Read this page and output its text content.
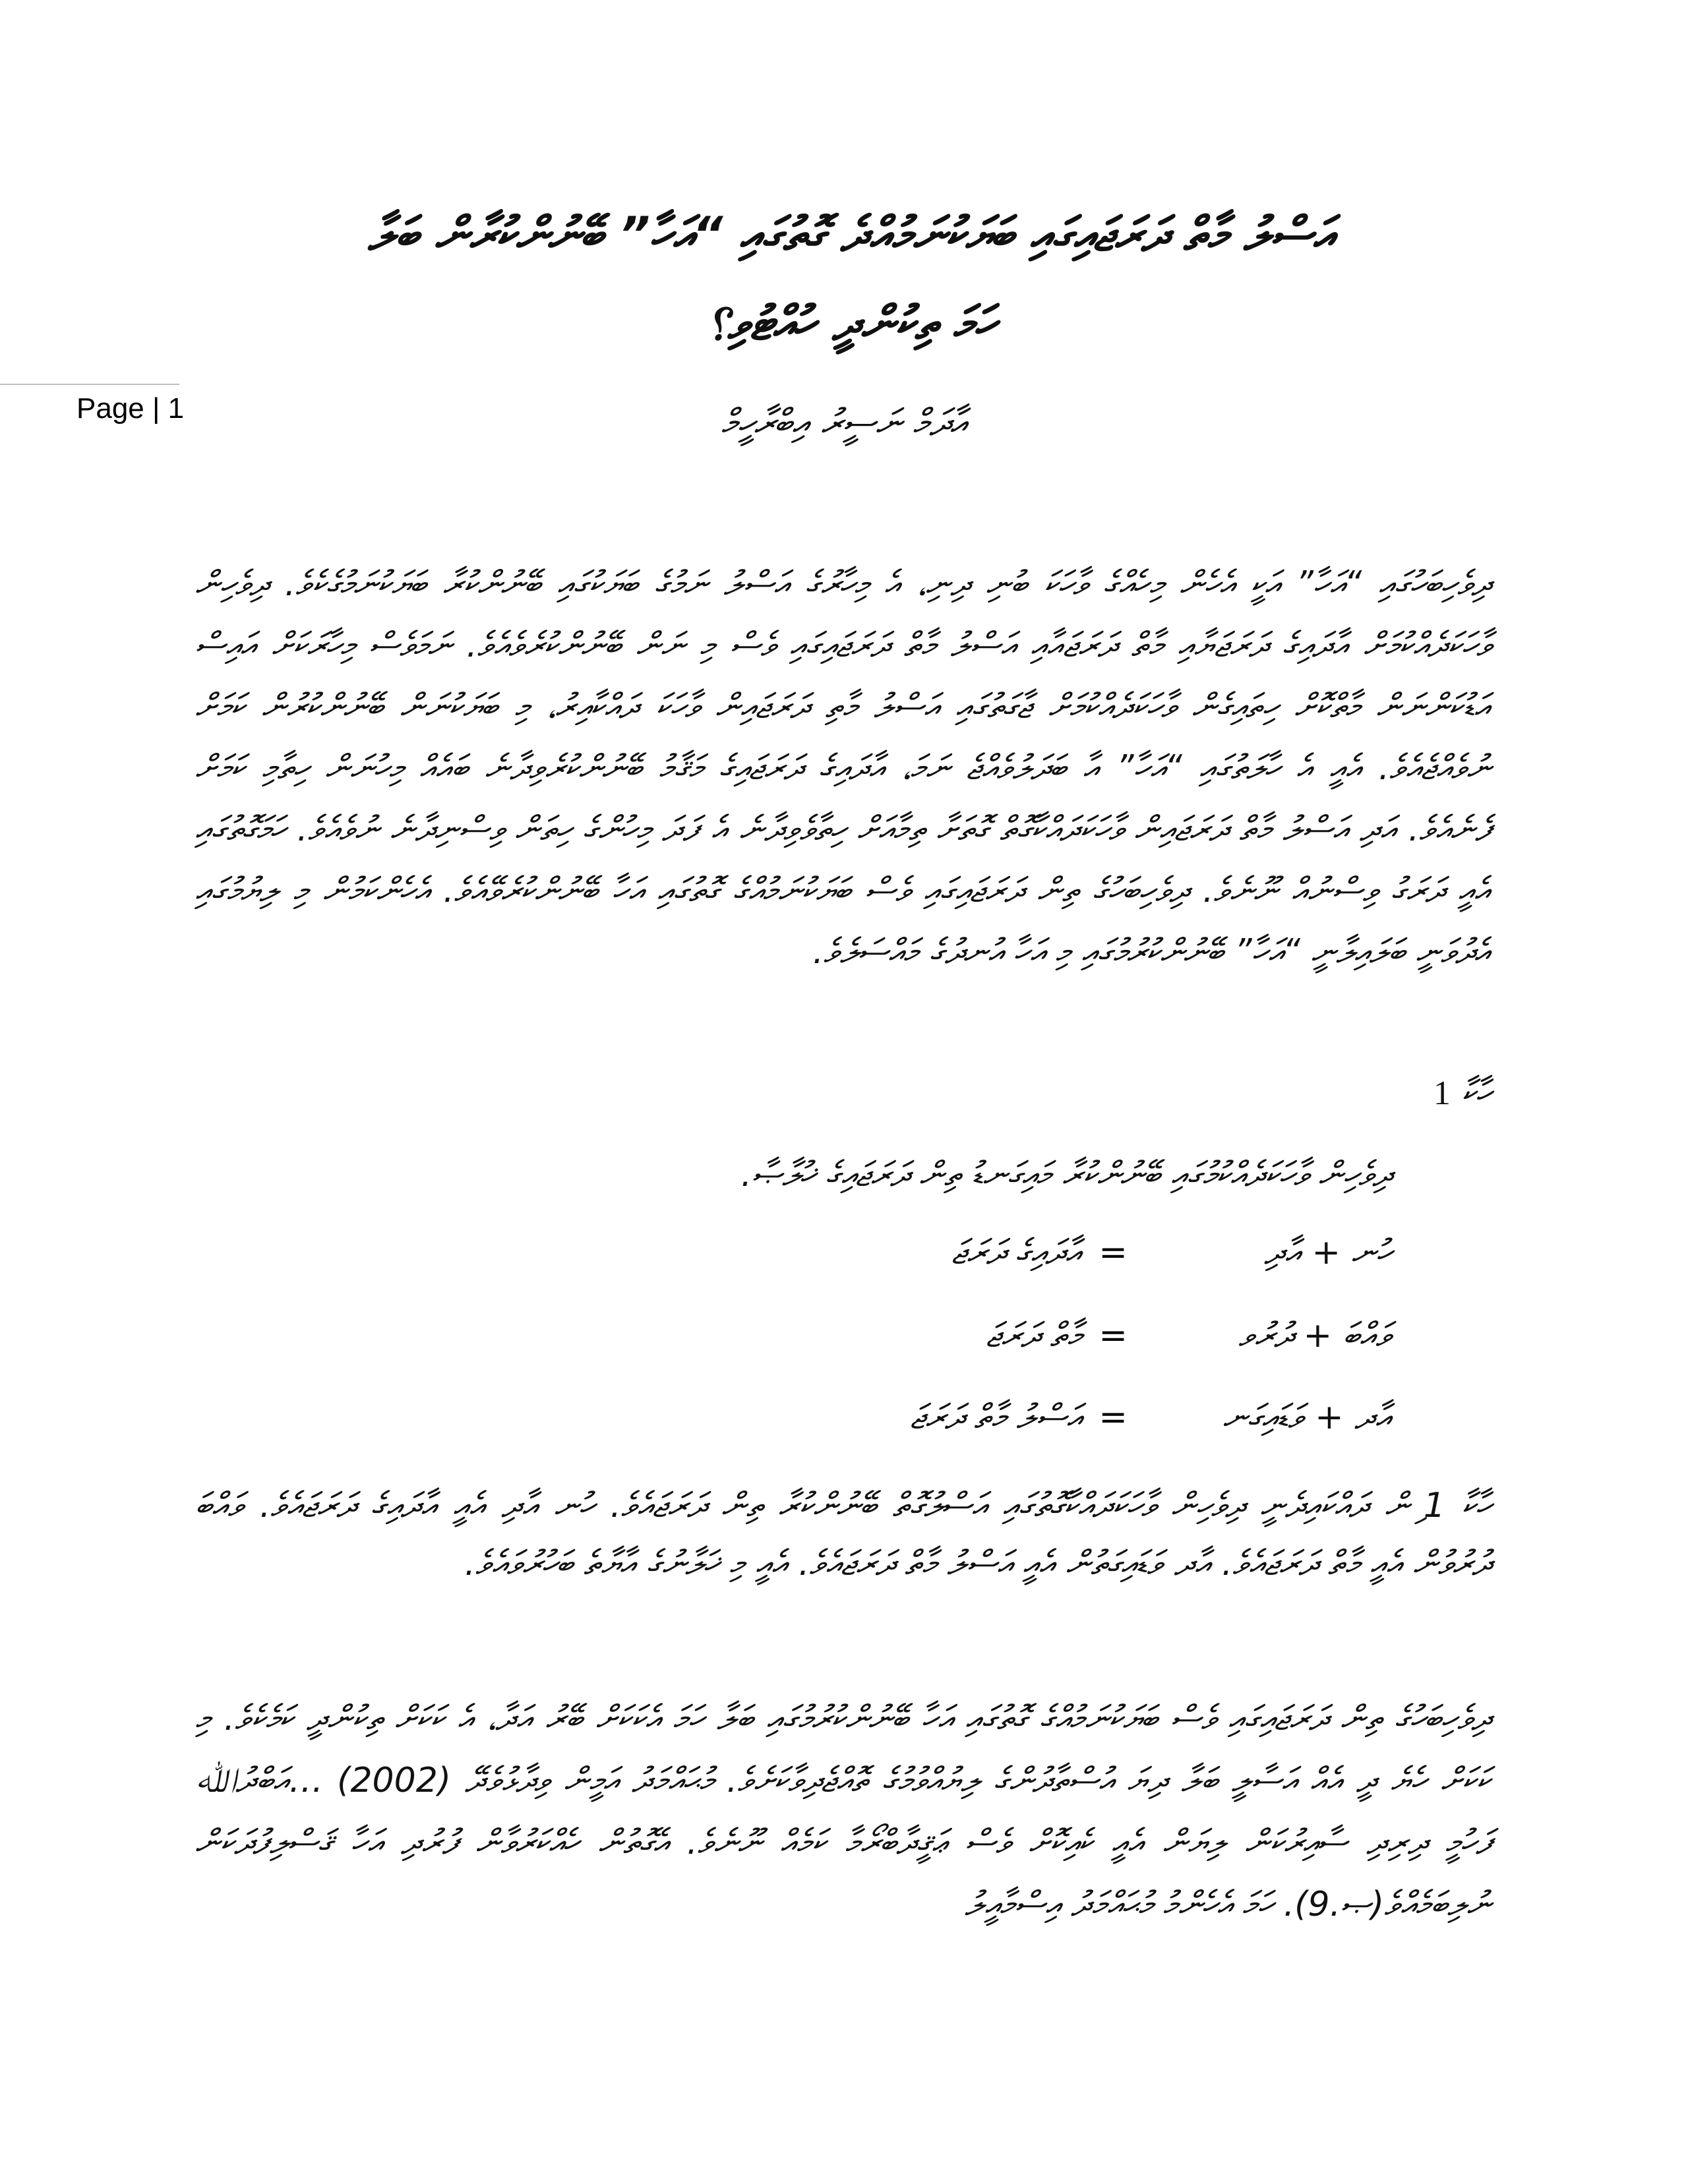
އަސްލު މާތް ދަރަޖައިގައި ބަޔަކުނަމުއްދެ ގޮތުގައި “އަހާ” ބޭނުންކުރާން ބަލާ
ހަމަ ތިކުންދީ ހުއްޓުވި؟
Page | 1	އާދަމް ނަސީރު އިބްރާހީމް
ދިވެހިބަހުގައި “އަހާ” އަކީ އެހެން މިހެއްގެ ވާހަކަ ބުނި ދިނި، އެ މިހާރުގެ އަސްލު ނަމުގެ ބަޔަކުގައި ބޭނުންކުރާ ބަޔަކުނަމުގެކެވެ. ދިވެހިން ވާހަކަދެއްކުމަށް އާދައިގެ ދަރަޖަޔާއި މާތް ދަރަޖައާއި އަސްލު މާތް ދަރަޖައިގައި ވެސް މި ނަން ބޭނުންކުރެވެއެވެ. ނަމަވެސް މިހާރަކަށް އައިސް އަޑުކަންނަން މާތްކޮށް ހިތައިގެން ވާހަކަދެއްކުމަށް ޖާގަތުގައި އަސްލު މާތި ދަރަޖައިން ވާހަކަ ދައްކާއިރު، މި ބަޔަކުނަން ބޭނުންކުރުން ކަމަށް ނުވެއްޖެއެވެ. އެއީ އެ ހާލަތުގައި “އަހާ” އާ ބަދަލުވެއްޖެ ނަމަ، އާދައިގެ ދަރަޖައިގެ މަޤާމު ބޭނުންކުރެވިދާނެ ބައެއް މިހުނަން ހިތާމި ކަމަށް ފެނެއެވެ. އަދި އަސްލު މާތް ދަރަޖައިން ވާހަކަދައްކާގޮތް ގޮތަށާ ތިމާއަށް ހިތާވެވިދާނެ އެ ފަދަ މިހުންގެ ހިތަން ވިސްނިދާނެ ނުވެއެވެ. ހަމަގޮތުގައި އެއީ ދަރަގު ވިސްނުއް ނޫނެވެ. ދިވެހިބަހުގެ ތިން ދަރަޖައިގައި ވެސް ބަޔަކުނަމުއްގެ ގޮތުގައި އަހާ ބޭނުންކުރެވޭއެވެ. އެހެންކަމުން މި ލިޔުމުގައި އެދުވަނީ ބަލައިލާނީ “އަހާ” ބޭނުންކުރުމުގައި މި އަހާ އުނދުގެ މައްސަލެވެ.
ހާކާ 1
ދިވެހިން ވާހަކަދެއްކުމުގައި ބޭނުންކުރާ މައިގަނޑު ތިން ދަރަޖައިގެ ޚުލާޞާ.
ހުނ + އާދި
=
އާދައިގެ ދަރަޖަ
ވައްބަ + ދުރުވ
=
މާތް ދަރަޖަ
އާދ + ވަޑައިގަނ
=
އަސްލު މާތް ދަރަޖަ
ހާކާ 1 ިން ދައްކައިދެނީ ދިވެހިން ވާހަކަދައްކާގޮތުގައި އަސްލުގޮތް ބޭނުންކުރާ ތިން ދަރަޖައެވެ. ހުނ އާދި އެއީ އާދައިގެ ދަރަޖައެވެ. ވައްބަ ދުރުވުން އެއީ މާތް ދަރަޖައެވެ. އާދ ވަޑައިގަތުން އެއީ އަސްލު މާތް ދަރަޖައެވެ. އެއީ މި ޚަލާނުގެ އާޔާތެ ބަހުރުވައެވެ.
ދިވެހިބަހުގެ ތިން ދަރަޖައިގައި ވެސް ބަޔަކުނަމުއްގެ ގޮތުގައި އަހާ ބޭނުންކުރުމުގައި ބަލާ ހަމަ އެކަކަށް ބޭރު އަދާ، އެ ކަކަށް ތިކުންދީ ކަމެކެވެ. މި ކަކަށް ހެޔެ ދީ އެއް އަސާލީ ބަލާ ދިޔަ އުސްތާދުންގެ ލިޔުއްވުމުގެ ތޮއްޖެދިވާކަށެވެ. މުޙައްމަދު އަމީން ވިދާޅުވެދޭ (2002) …އަބްދުﷲ ފަހުމީ ދިރިދި ސާއިރުކަން ލިޔަން އެއީ ކެއިކޮށް ވެސް ޢަޤީދާބްރޯމާ ކަމެއް ނޫނެވެ. އެގޮތުން ހެއްކަރުވާން ފުރުދި އަހާ ޤަސްލިފުދަކަން ނުލިބަމެއްވެ(ޞ.9). ހަމަ އެހެންމު މުޙައްމަދު އިސްމާއީލު
